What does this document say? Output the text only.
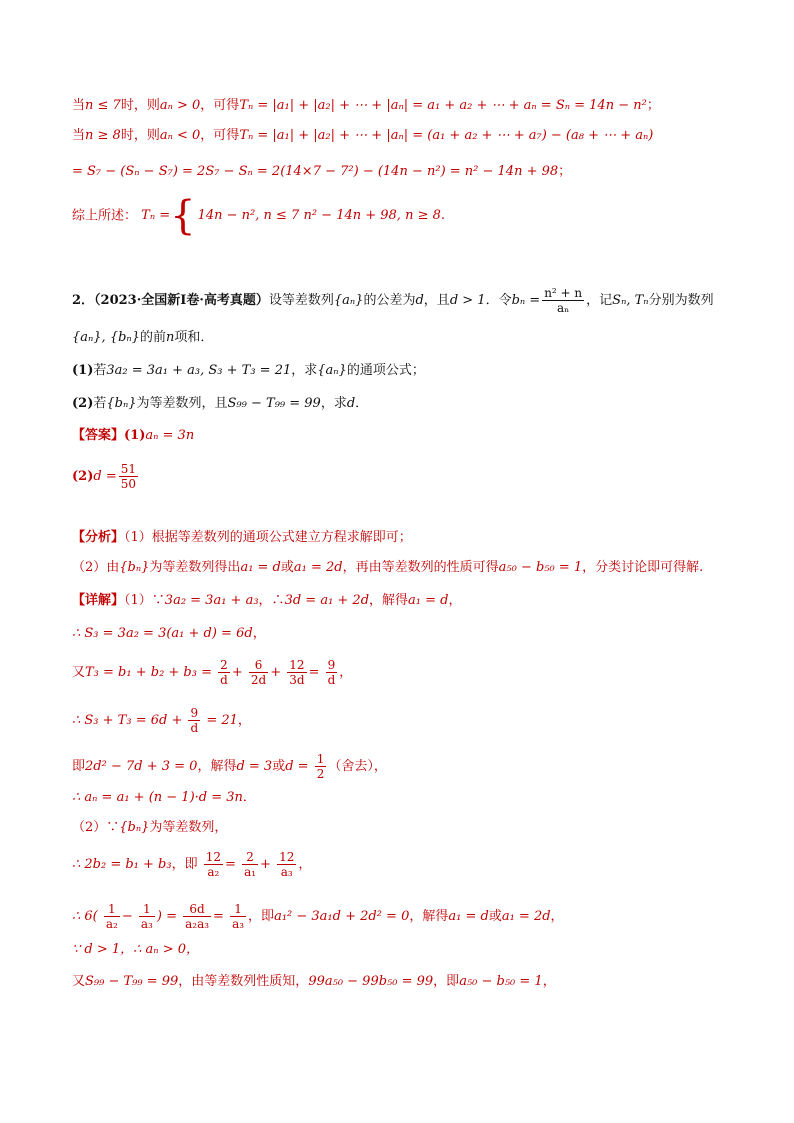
当n ≤ 7时，则aₙ > 0，可得Tₙ = |a₁| + |a₂| + ⋯ + |aₙ| = a₁ + a₂ + ⋯ + aₙ = Sₙ = 14n − n²；
当n ≥ 8时，则aₙ < 0，可得Tₙ = |a₁| + |a₂| + ⋯ + |aₙ| = (a₁ + a₂ + ⋯ + a₇) − (a₈ + ⋯ + aₙ)
= S₇ − (Sₙ − S₇) = 2S₇ − Sₙ = 2(14×7 − 7²) − (14n − n²) = n² − 14n + 98；
综上所述： Tₙ = { 14n − n², n ≤ 7 n² − 14n + 98, n ≥ 8 .
2．（2023·全国新Ⅰ卷·高考真题）设等差数列{aₙ}的公差为d，且d > 1．令$b_n = \frac{\text{n² + n}}{\text{aₙ}}$ ，记Sₙ, Tₙ分别为数列
{aₙ}, {bₙ}的前n项和．
(1)若3a₂ = 3a₁ + a₃, S₃ + T₃ = 21，求{aₙ}的通项公式；
(2)若{bₙ}为等差数列，且S₉₉ − T₉₉ = 99，求d．
【答案】(1)aₙ = 3n
$(2)d = \frac{51}{50}$
【分析】（1）根据等差数列的通项公式建立方程求解即可；
（2）由{bₙ}为等差数列得出a₁ = d或a₁ = 2d，再由等差数列的性质可得a₅₀ − b₅₀ = 1，分类讨论即可得解.
【详解】（1）∵3a₂ = 3a₁ + a₃，∴3d = a₁ + 2d，解得a₁ = d，
∴ S₃ = 3a₂ = 3(a₁ + d) = 6d，
又$T_3 = b_1 + b_2 + b_3 = \frac{2}{d} + \frac{6}{2d} + \frac{12}{3d} = \frac{9}{d}$ ，
∴ $S_3 + T_3 = 6d + \frac{9}{d} = 21$，
即2d² − 7d + 3 = 0，解得d = 3或$d = \frac{1}{2}$ （舍去），
∴ aₙ = a₁ + (n − 1)·d = 3n．
（2）∵{bₙ}为等差数列，
∴ 2b₂ = b₁ + b₃，即 $\frac{12}{\text{a₂}} = \frac{2}{\text{a₁}} + \frac{12}{\text{a₃}}$ ，
∴ $6( \frac{1}{\text{a₂}} - \frac{1}{\text{a₃}}$ ) = $\frac{6d}{\text{a₂a₃}} = \frac{1}{\text{a₃}}$ ，即a₁² − 3a₁d + 2d² = 0，解得a₁ = d或a₁ = 2d，
∵ d > 1，∴ aₙ > 0，
又S₉₉ − T₉₉ = 99，由等差数列性质知，99a₅₀ − 99b₅₀ = 99，即a₅₀ − b₅₀ = 1，
